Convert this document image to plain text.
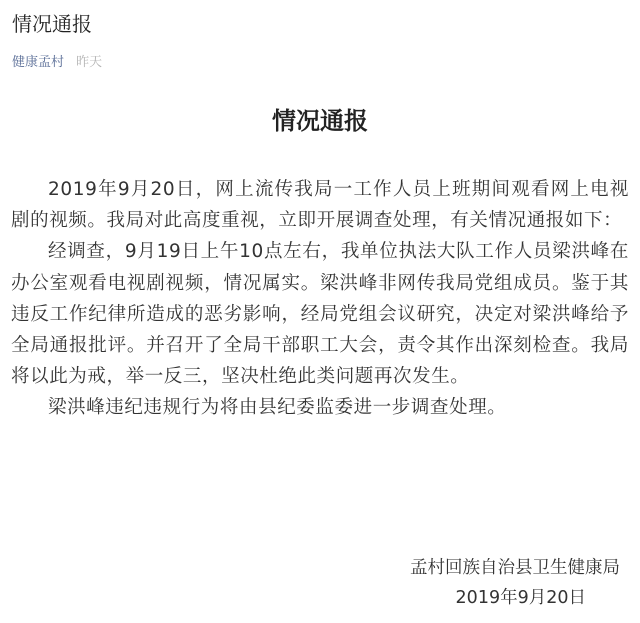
情况通报
健康孟村 昨天
情况通报

2019年9月20日，网上流传我局一工作人员上班期间观看网上电视剧的视频。我局对此高度重视，立即开展调查处理，有关情况通报如下：

经调查，9月19日上午10点左右，我单位执法大队工作人员梁洪峰在办公室观看电视剧视频，情况属实。梁洪峰非网传我局党组成员。鉴于其违反工作纪律所造成的恶劣影响，经局党组会议研究，决定对梁洪峰给予全局通报批评。并召开了全局干部职工大会，责令其作出深刻检查。我局将以此为戒，举一反三，坚决杜绝此类问题再次发生。

梁洪峰违纪违规行为将由县纪委监委进一步调查处理。

孟村回族自治县卫生健康局
2019年9月20日
